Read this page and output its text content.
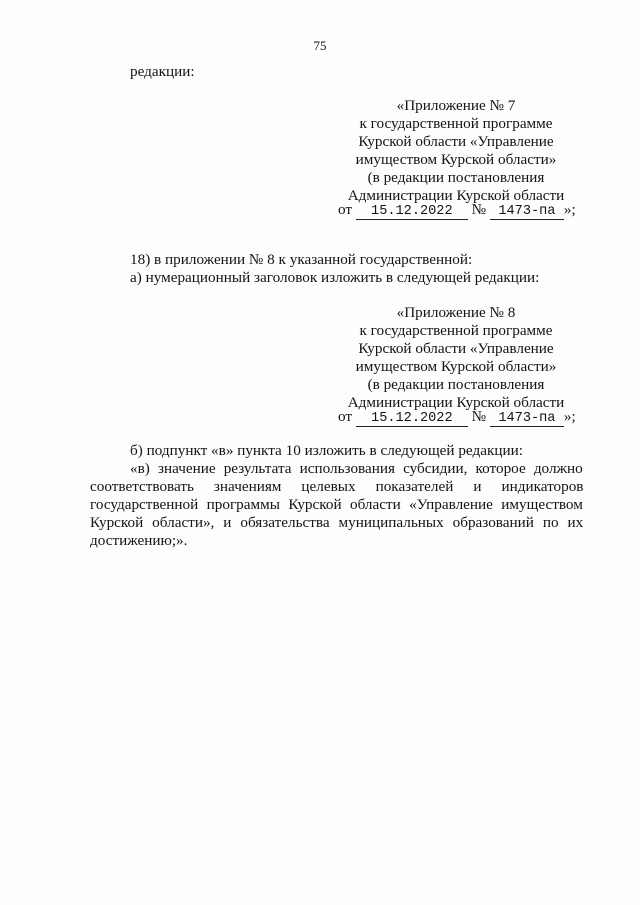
75
редакции:
«Приложение № 7
к государственной программе
Курской области «Управление
имуществом Курской области»
(в редакции постановления
Администрации Курской области
от 15.12.2022 № 1473-па »;
18) в приложении № 8 к указанной государственной:
а) нумерационный заголовок изложить в следующей редакции:
«Приложение № 8
к государственной программе
Курской области «Управление
имуществом Курской области»
(в редакции постановления
Администрации Курской области
от 15.12.2022 № 1473-па »;
б) подпункт «в» пункта 10 изложить в следующей редакции:
«в) значение результата использования субсидии, которое должно
соответствовать значениям целевых показателей и индикаторов
государственной программы Курской области «Управление имуществом
Курской области», и обязательства муниципальных образований по их
достижению;».
